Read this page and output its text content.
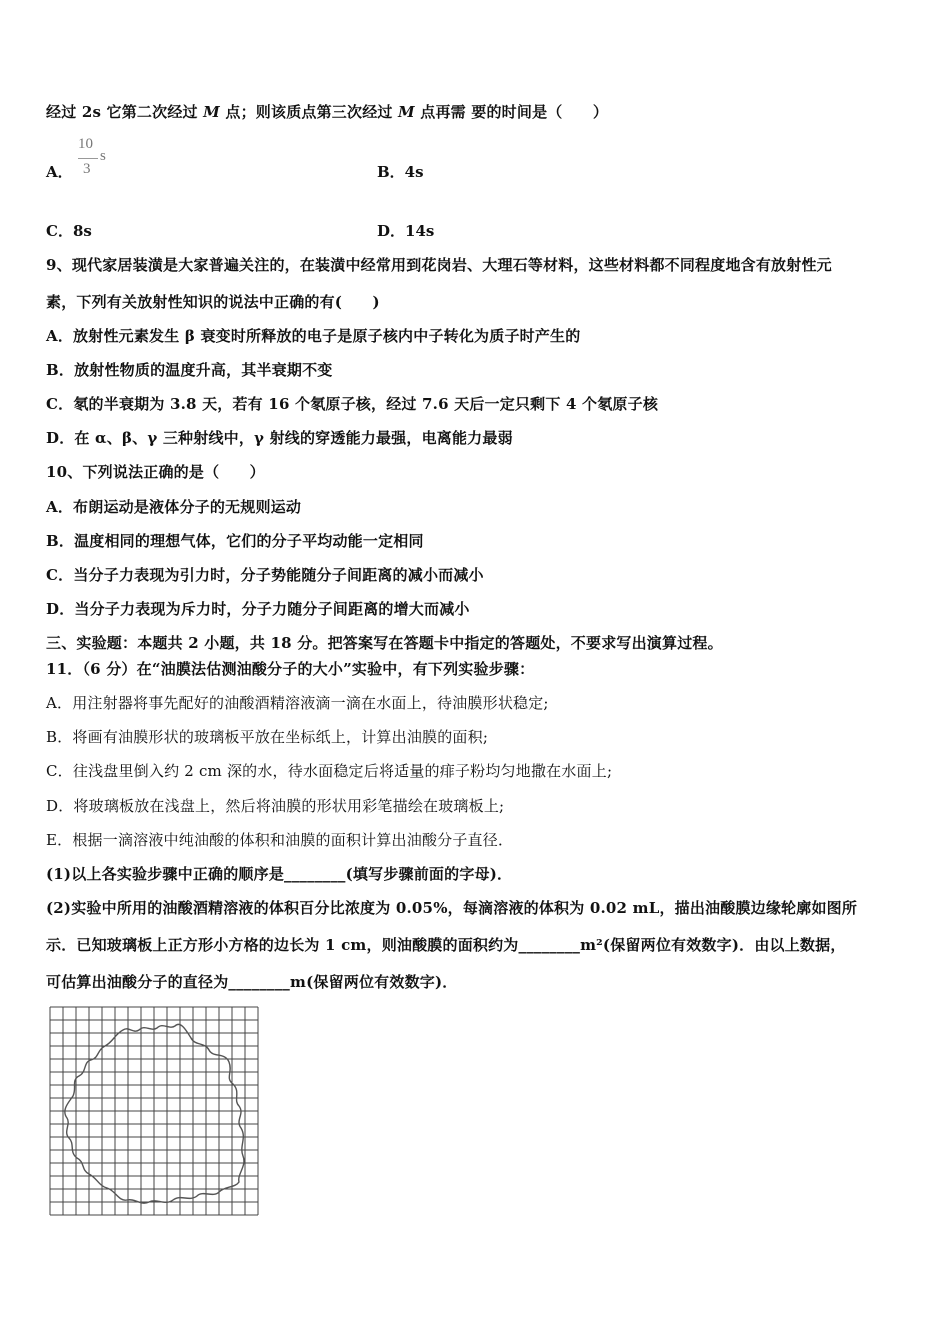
经过 2s 它第二次经过 M 点；则该质点第三次经过 M 点再需 要的时间是（　　）
A．
10
3
s
B．4s
C．8s	D．14s
9、现代家居装潢是大家普遍关注的，在装潢中经常用到花岗岩、大理石等材料，这些材料都不同程度地含有放射性元
素，下列有关放射性知识的说法中正确的有(　　)
A．放射性元素发生 β 衰变时所释放的电子是原子核内中子转化为质子时产生的
B．放射性物质的温度升高，其半衰期不变
C．氡的半衰期为 3.8 天，若有 16 个氡原子核，经过 7.6 天后一定只剩下 4 个氡原子核
D．在 α、β、γ 三种射线中，γ 射线的穿透能力最强，电离能力最弱
10、下列说法正确的是（　　）
A．布朗运动是液体分子的无规则运动
B．温度相同的理想气体，它们的分子平均动能一定相同
C．当分子力表现为引力时，分子势能随分子间距离的减小而减小
D．当分子力表现为斥力时，分子力随分子间距离的增大而减小
三、实验题：本题共 2 小题，共 18 分。把答案写在答题卡中指定的答题处，不要求写出演算过程。
11．（6 分）在“油膜法估测油酸分子的大小”实验中，有下列实验步骤：
A．用注射器将事先配好的油酸酒精溶液滴一滴在水面上，待油膜形状稳定;
B．将画有油膜形状的玻璃板平放在坐标纸上，计算出油膜的面积;
C．往浅盘里倒入约 2 cm 深的水，待水面稳定后将适量的痱子粉均匀地撒在水面上;
D．将玻璃板放在浅盘上，然后将油膜的形状用彩笔描绘在玻璃板上;
E．根据一滴溶液中纯油酸的体积和油膜的面积计算出油酸分子直径．
(1)以上各实验步骤中正确的顺序是________(填写步骤前面的字母)．
(2)实验中所用的油酸酒精溶液的体积百分比浓度为 0.05%，每滴溶液的体积为 0.02 mL，描出油酸膜边缘轮廓如图所
示．已知玻璃板上正方形小方格的边长为 1 cm，则油酸膜的面积约为________m²(保留两位有效数字)．由以上数据，
可估算出油酸分子的直径为________m(保留两位有效数字)．
